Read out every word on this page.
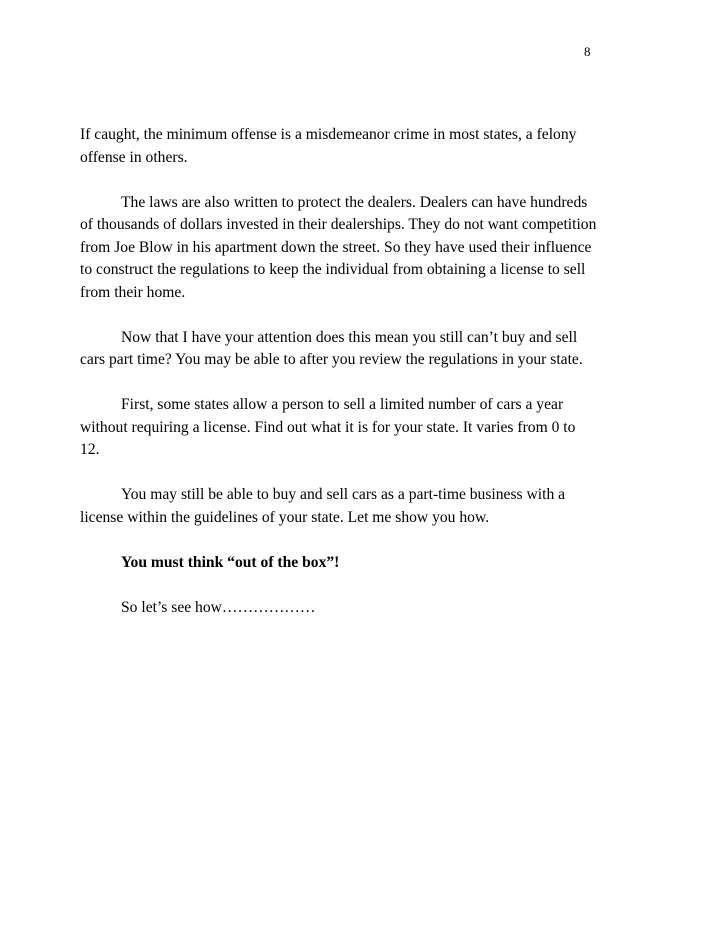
8

If caught, the minimum offense is a misdemeanor crime in most states, a felony
offense in others.

The laws are also written to protect the dealers. Dealers can have hundreds
of thousands of dollars invested in their dealerships. They do not want competition
from Joe Blow in his apartment down the street. So they have used their influence
to construct the regulations to keep the individual from obtaining a license to sell
from their home.

Now that I have your attention does this mean you still can’t buy and sell
cars part time? You may be able to after you review the regulations in your state.

First, some states allow a person to sell a limited number of cars a year
without requiring a license. Find out what it is for your state. It varies from 0 to
12.

You may still be able to buy and sell cars as a part-time business with a
license within the guidelines of your state. Let me show you how.

You must think “out of the box”!

So let’s see how………………
